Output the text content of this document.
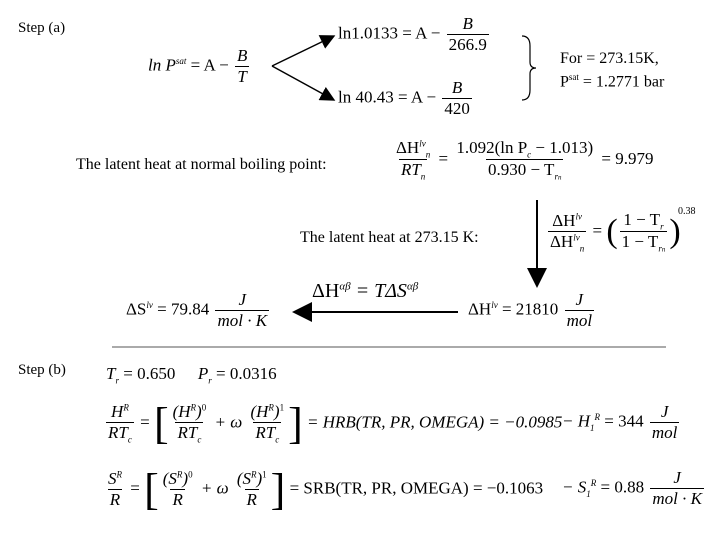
Step (a)
$\ln P^{sat} = A - \frac{B}{T}$
$\ln 1.0133 = A - \frac{B}{266.9}$
$\ln 40.43 = A - \frac{B}{420}$
For = 273.15K,
$P^{sat} = 1.2771$ bar
The latent heat at normal boiling point:	$\frac{\Delta H^{lv}_n}{RT_n} = \frac{1.092(\ln P_c - 1.013)}{0.930 - T_{rn}} = 9.979$
The latent heat at 273.15 K:	$\frac{\Delta H^{lv}}{\Delta H^{lv}_n}$ = ( $\frac{1 - T_r}{1 - T_{rn}}$ )
0.38
$\Delta H^{\alpha\beta} = T\Delta S^{\alpha\beta}$
$\Delta S^{lv} = 79.84 \frac{J}{\text{mol · K}}$	$\Delta H^{lv} = 21810 \frac{J}{\text{mol}}$
Step (b) $T_r = 0.650$ $P_r = 0.0316$
$\frac{H^R}{RT_c}$ = [ $\frac{(H^R)^0}{RT_c} + \omega \frac{(H^R)^1}{RT_c}$ ] = HRB(TR, PR, OMEGA) = $-0.0985 - H_1^R = 344 \frac{J}{\text{mol}}$
$\frac{S^R}{R}$ = [ $\frac{(S^R)^0}{R} + \omega \frac{(S^R)^1}{R}$ ] = SRB(TR, PR, OMEGA) = $-0.1063 - S_1^R = 0.88 \frac{J}{\text{mol · K}}$
